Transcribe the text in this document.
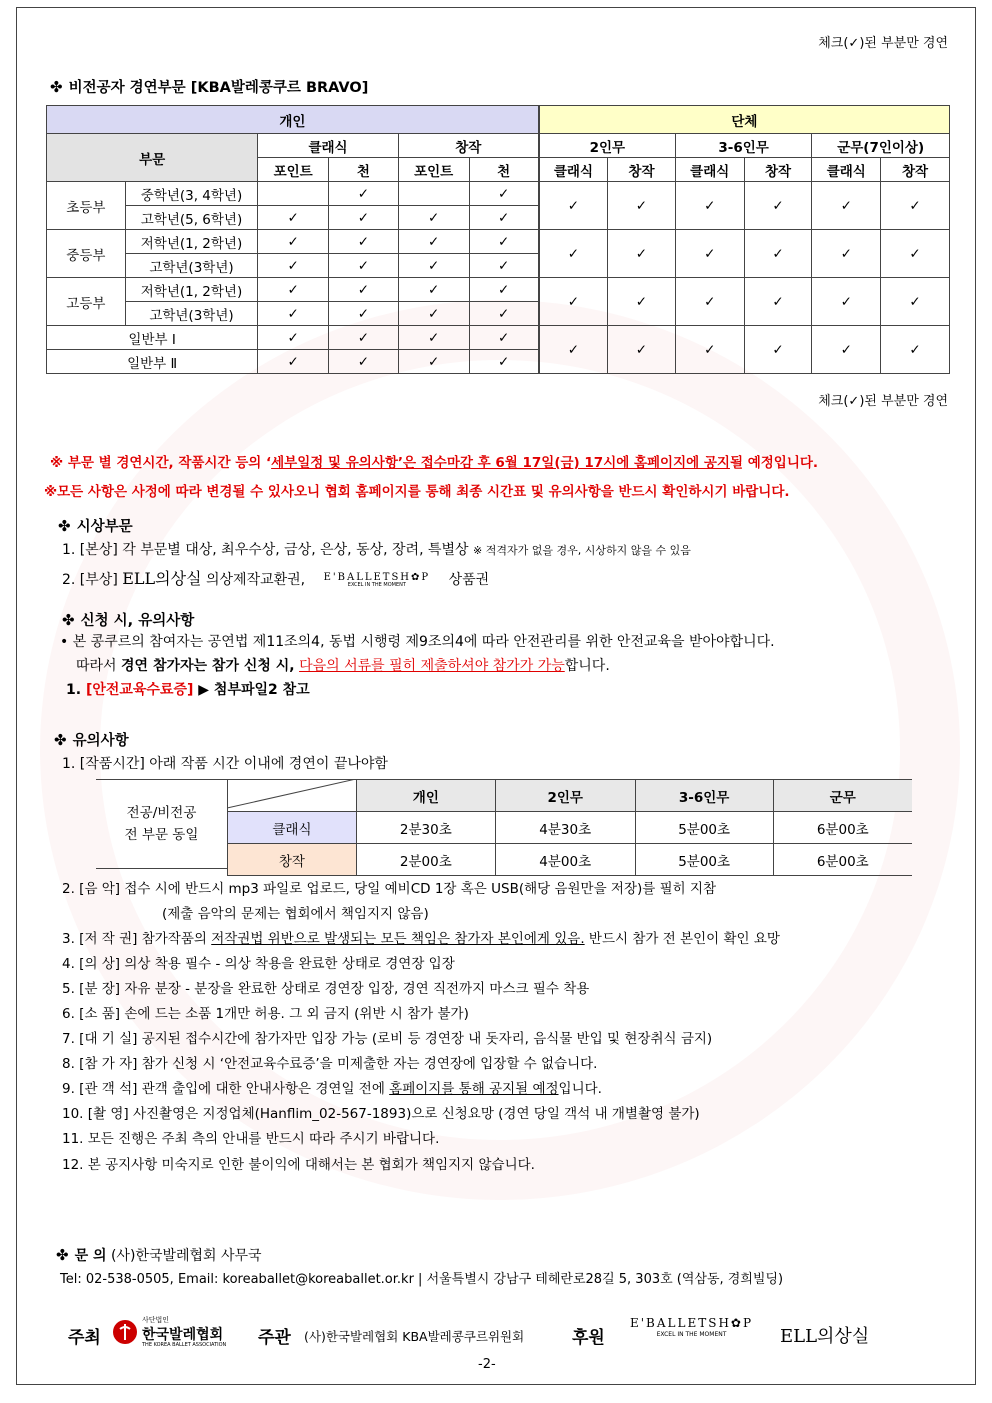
체크(✓)된 부분만 경연
✤ 비전공자 경연부문 [KBA발레콩쿠르 BRAVO]
개인						단체					
부문		클래식		창작		2인무		3-6인무		군무(7인이상)	
		포인트	천	포인트	천	클래식	창작	클래식	창작	클래식	창작
초등부	중학년(3, 4학년)		✓		✓	✓	✓	✓	✓	✓	✓
	고학년(5, 6학년)	✓	✓	✓	✓						
중등부	저학년(1, 2학년)	✓	✓	✓	✓	✓	✓	✓	✓	✓	✓
	고학년(3학년)	✓	✓	✓	✓						
고등부	저학년(1, 2학년)	✓	✓	✓	✓	✓	✓	✓	✓	✓	✓
	고학년(3학년)	✓	✓	✓	✓						
일반부 I		✓	✓	✓	✓	✓	✓	✓	✓	✓	✓
일반부 Ⅱ		✓	✓	✓	✓						
체크(✓)된 부분만 경연
※ 부문 별 경연시간, 작품시간 등의 ‘세부일정 및 유의사항’은 접수마감 후 6월 17일(금) 17시에 홈페이지에 공지될 예정입니다.
※모든 사항은 사정에 따라 변경될 수 있사오니 협회 홈페이지를 통해 최종 시간표 및 유의사항을 반드시 확인하시기 바랍니다.
✤ 시상부문
1. [본상] 각 부문별 대상, 최우수상, 금상, 은상, 동상, 장려, 특별상 ※ 적격자가 없을 경우, 시상하지 않을 수 있음
2. [부상] ELL의상실 의상제작교환권, E'BALLETSH✿P
EXCEL IN THE MOMENT	상품권
✤ 신청 시, 유의사항
• 본 콩쿠르의 참여자는 공연법 제11조의4, 동법 시행령 제9조의4에 따라 안전관리를 위한 안전교육을 받아야합니다.
따라서 경연 참가자는 참가 신청 시, 다음의 서류를 필히 제출하셔야 참가가 가능합니다.
1. [안전교육수료증] ▶ 첨부파일2 참고
✤ 유의사항
1. [작품시간] 아래 작품 시간 이내에 경연이 끝나야함
전공/비전공
전 부문 동일
	개인	2인무	3-6인무	군무
클래식	2분30초	4분30초	5분00초	6분00초
창작	2분00초	4분00초	5분00초	6분00초
2. [음 악] 접수 시에 반드시 mp3 파일로 업로드, 당일 예비CD 1장 혹은 USB(해당 음원만을 저장)를 필히 지참
(제출 음악의 문제는 협회에서 책임지지 않음)
3. [저 작 권] 참가작품의 저작권법 위반으로 발생되는 모든 책임은 참가자 본인에게 있음. 반드시 참가 전 본인이 확인 요망
4. [의 상] 의상 착용 필수 - 의상 착용을 완료한 상태로 경연장 입장
5. [분 장] 자유 분장 - 분장을 완료한 상태로 경연장 입장, 경연 직전까지 마스크 필수 착용
6. [소 품] 손에 드는 소품 1개만 허용. 그 외 금지 (위반 시 참가 불가)
7. [대 기 실] 공지된 접수시간에 참가자만 입장 가능 (로비 등 경연장 내 돗자리, 음식물 반입 및 현장취식 금지)
8. [참 가 자] 참가 신청 시 ‘안전교육수료증’을 미제출한 자는 경연장에 입장할 수 없습니다.
9. [관 객 석] 관객 출입에 대한 안내사항은 경연일 전에 홈페이지를 통해 공지될 예정입니다.
10. [촬 영] 사진촬영은 지정업체(Hanflim_02-567-1893)으로 신청요망 (경연 당일 객석 내 개별촬영 불가)
11. 모든 진행은 주최 측의 안내를 반드시 따라 주시기 바랍니다.
12. 본 공지사항 미숙지로 인한 불이익에 대해서는 본 협회가 책임지지 않습니다.
✤ 문 의 (사)한국발레협회 사무국
Tel: 02-538-0505, Email: koreaballet@koreaballet.or.kr | 서울특별시 강남구 테헤란로28길 5, 303호 (역삼동, 경희빌딩)
주최
사단법인
한국발레협회
THE KOREA BALLET ASSOCIATION 주관 (사)한국발레협회 KBA발레콩쿠르위원회	후원
E'BALLETSH✿P
EXCEL IN THE MOMENT	ELL의상실
-2-
